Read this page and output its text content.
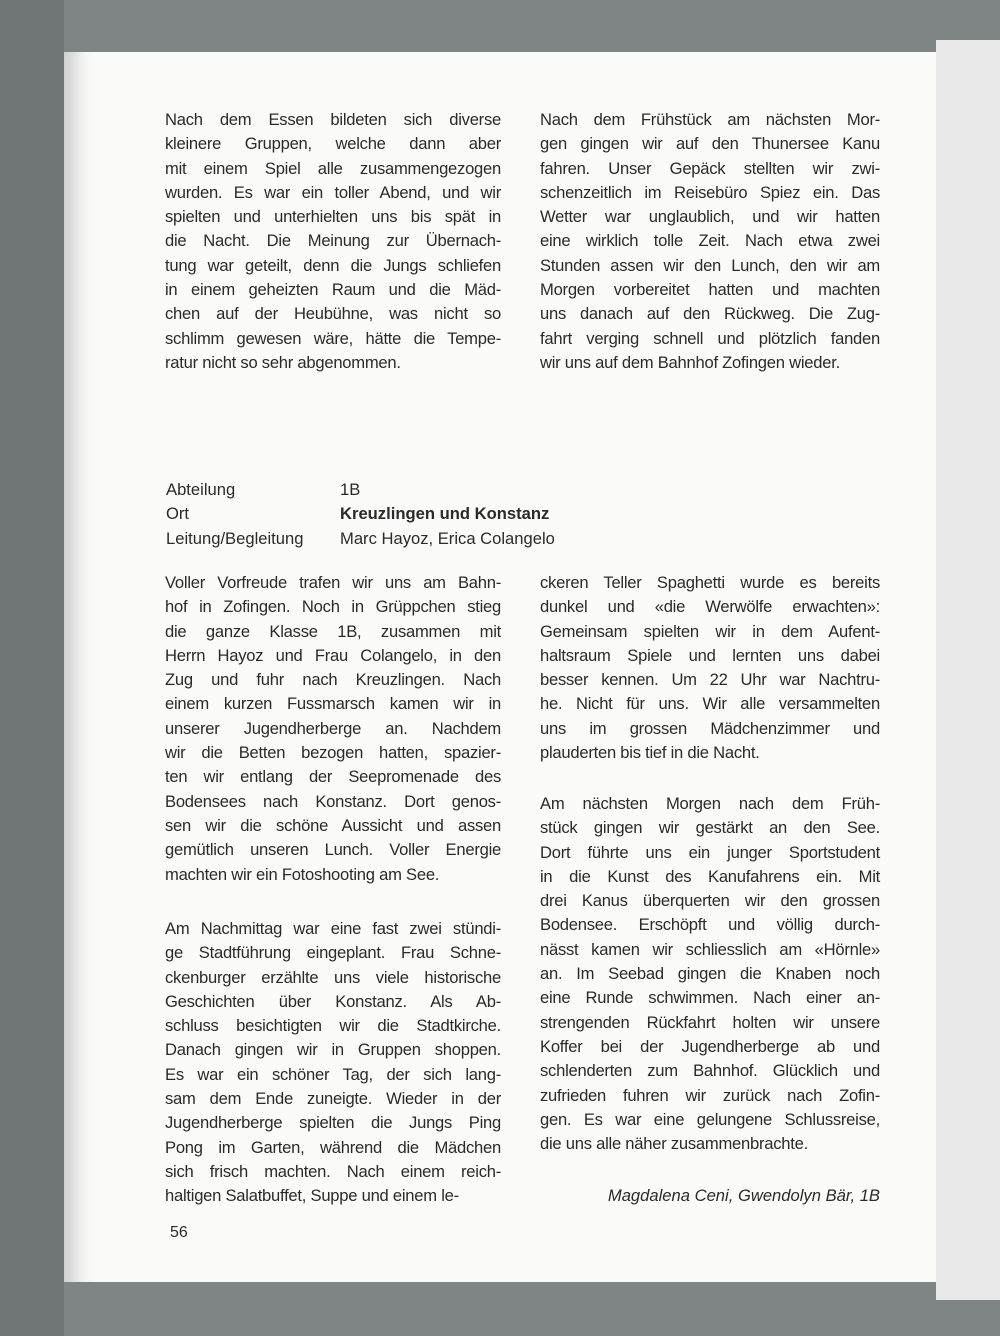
Nach dem Essen bildeten sich diverse
kleinere Gruppen, welche dann aber
mit einem Spiel alle zusammengezogen
wurden. Es war ein toller Abend, und wir
spielten und unterhielten uns bis spät in
die Nacht. Die Meinung zur Übernach-
tung war geteilt, denn die Jungs schliefen
in einem geheizten Raum und die Mäd-
chen auf der Heubühne, was nicht so
schlimm gewesen wäre, hätte die Tempe-
ratur nicht so sehr abgenommen.
Nach dem Frühstück am nächsten Mor-
gen gingen wir auf den Thunersee Kanu
fahren. Unser Gepäck stellten wir zwi-
schenzeitlich im Reisebüro Spiez ein. Das
Wetter war unglaublich, und wir hatten
eine wirklich tolle Zeit. Nach etwa zwei
Stunden assen wir den Lunch, den wir am
Morgen vorbereitet hatten und machten
uns danach auf den Rückweg. Die Zug-
fahrt verging schnell und plötzlich fanden
wir uns auf dem Bahnhof Zofingen wieder.
Abteilung	1B
Ort	Kreuzlingen und Konstanz
Leitung/Begleitung	Marc Hayoz, Erica Colangelo
Voller Vorfreude trafen wir uns am Bahn-
hof in Zofingen. Noch in Grüppchen stieg
die ganze Klasse 1B, zusammen mit
Herrn Hayoz und Frau Colangelo, in den
Zug und fuhr nach Kreuzlingen. Nach
einem kurzen Fussmarsch kamen wir in
unserer Jugendherberge an. Nachdem
wir die Betten bezogen hatten, spazier-
ten wir entlang der Seepromenade des
Bodensees nach Konstanz. Dort genos-
sen wir die schöne Aussicht und assen
gemütlich unseren Lunch. Voller Energie
machten wir ein Fotoshooting am See.
Am Nachmittag war eine fast zwei stündi-
ge Stadtführung eingeplant. Frau Schne-
ckenburger erzählte uns viele historische
Geschichten über Konstanz. Als Ab-
schluss besichtigten wir die Stadtkirche.
Danach gingen wir in Gruppen shoppen.
Es war ein schöner Tag, der sich lang-
sam dem Ende zuneigte. Wieder in der
Jugendherberge spielten die Jungs Ping
Pong im Garten, während die Mädchen
sich frisch machten. Nach einem reich-
haltigen Salatbuffet, Suppe und einem le-
ckeren Teller Spaghetti wurde es bereits
dunkel und «die Werwölfe erwachten»:
Gemeinsam spielten wir in dem Aufent-
haltsraum Spiele und lernten uns dabei
besser kennen. Um 22 Uhr war Nachtru-
he. Nicht für uns. Wir alle versammelten
uns im grossen Mädchenzimmer und
plauderten bis tief in die Nacht.
Am nächsten Morgen nach dem Früh-
stück gingen wir gestärkt an den See.
Dort führte uns ein junger Sportstudent
in die Kunst des Kanufahrens ein. Mit
drei Kanus überquerten wir den grossen
Bodensee. Erschöpft und völlig durch-
nässt kamen wir schliesslich am «Hörnle»
an. Im Seebad gingen die Knaben noch
eine Runde schwimmen. Nach einer an-
strengenden Rückfahrt holten wir unsere
Koffer bei der Jugendherberge ab und
schlenderten zum Bahnhof. Glücklich und
zufrieden fuhren wir zurück nach Zofin-
gen. Es war eine gelungene Schlussreise,
die uns alle näher zusammenbrachte.
Magdalena Ceni, Gwendolyn Bär, 1B
56
